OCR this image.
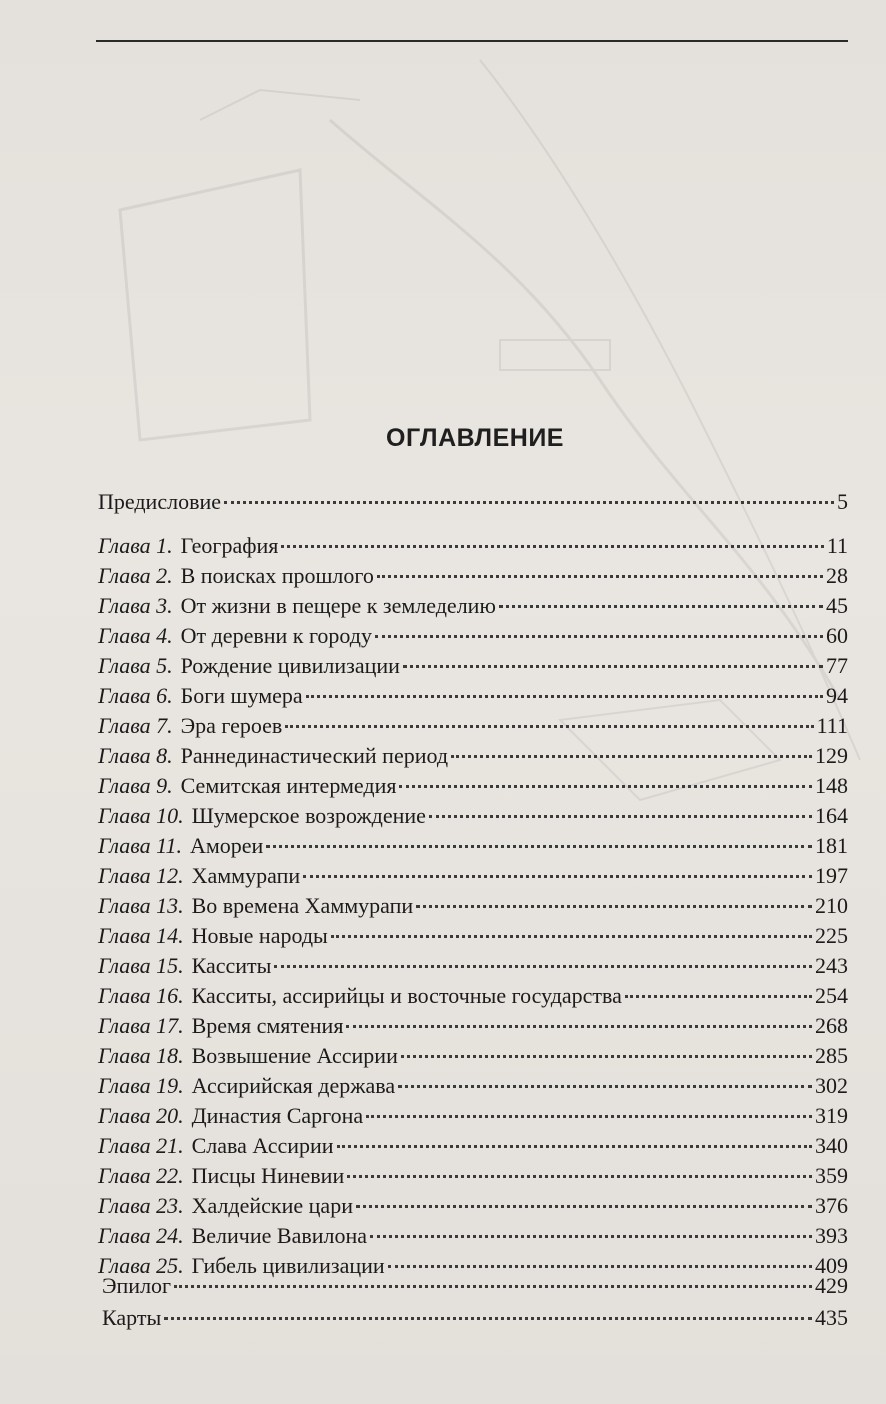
ОГЛАВЛЕНИЕ
Предисловие	5
Глава 1. География	11
Глава 2. В поисках прошлого	28
Глава 3. От жизни в пещере к земледелию	45
Глава 4. От деревни к городу	60
Глава 5. Рождение цивилизации	77
Глава 6. Боги шумера	94
Глава 7. Эра героев	111
Глава 8. Раннединастический период	129
Глава 9. Семитская интермедия	148
Глава 10. Шумерское возрождение	164
Глава 11. Амореи	181
Глава 12. Хаммурапи	197
Глава 13. Во времена Хаммурапи	210
Глава 14. Новые народы	225
Глава 15. Касситы	243
Глава 16. Касситы, ассирийцы и восточные государства	254
Глава 17. Время смятения	268
Глава 18. Возвышение Ассирии	285
Глава 19. Ассирийская держава	302
Глава 20. Династия Саргона	319
Глава 21. Слава Ассирии	340
Глава 22. Писцы Ниневии	359
Глава 23. Халдейские цари	376
Глава 24. Величие Вавилона	393
Глава 25. Гибель цивилизации	409
Эпилог	429
Карты	435
